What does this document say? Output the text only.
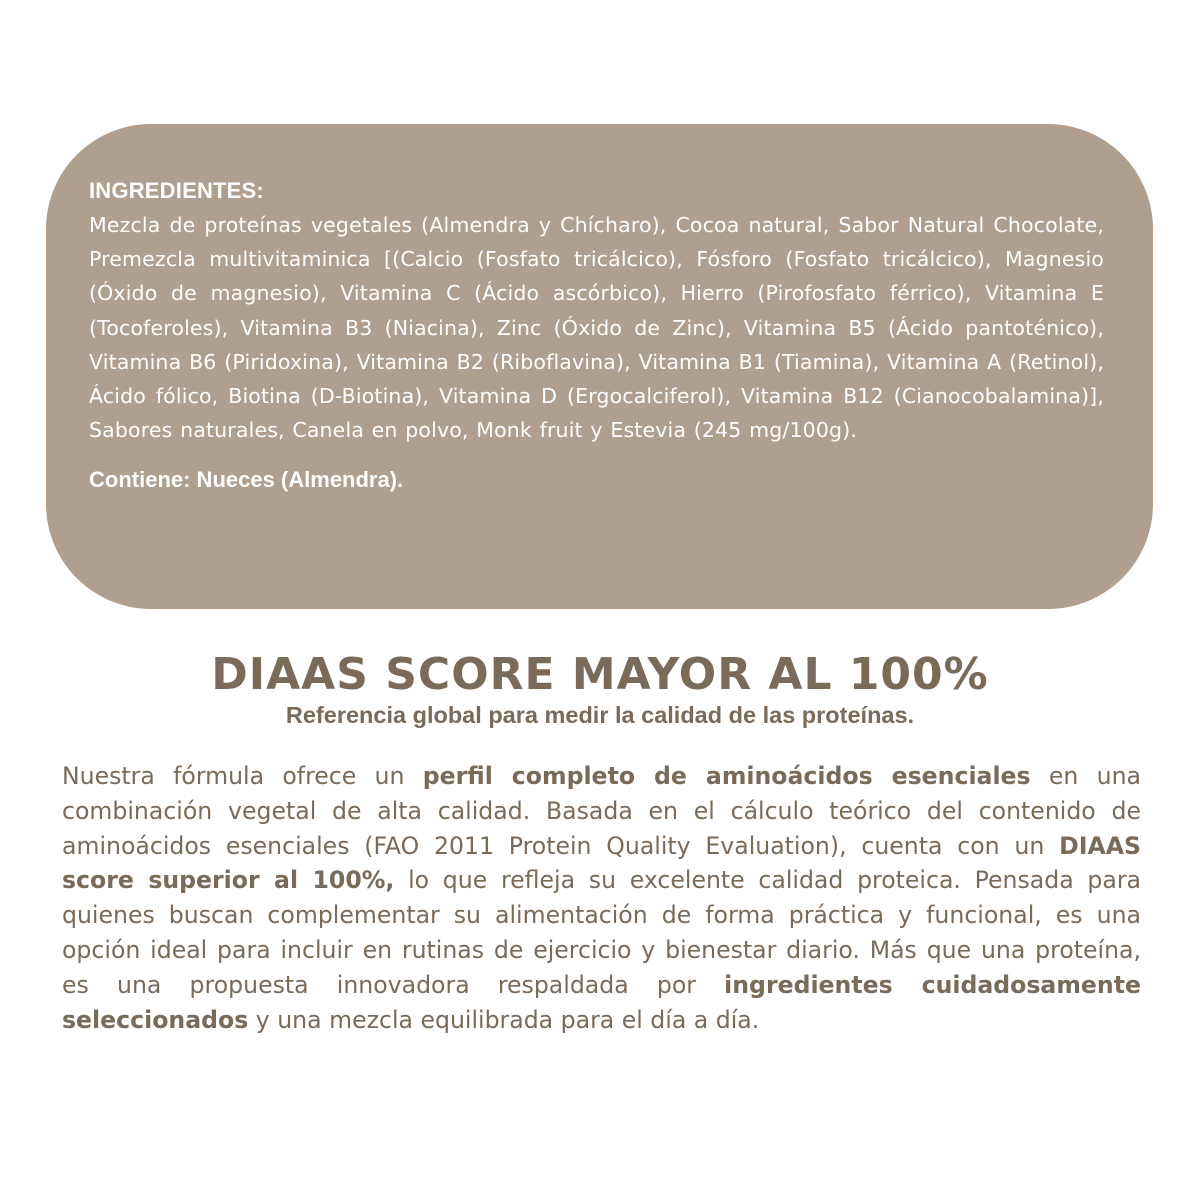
INGREDIENTES:

Mezcla de proteínas vegetales (Almendra y Chícharo), Cocoa natural, Sabor Natural Chocolate, Premezcla multivitaminica [(Calcio (Fosfato tricálcico), Fósforo (Fosfato tricálcico), Magnesio (Óxido de magnesio), Vitamina C (Ácido ascórbico), Hierro (Pirofosfato férrico), Vitamina E (Tocoferoles), Vitamina B3 (Niacina), Zinc (Óxido de Zinc), Vitamina B5 (Ácido pantoténico), Vitamina B6 (Piridoxina), Vitamina B2 (Riboflavina), Vitamina B1 (Tiamina), Vitamina A (Retinol), Ácido fólico, Biotina (D-Biotina), Vitamina D (Ergocalciferol), Vitamina B12 (Cianocobalamina)], Sabores naturales, Canela en polvo, Monk fruit y Estevia (245 mg/100g).

Contiene: Nueces (Almendra).

DIAAS SCORE MAYOR AL 100%
Referencia global para medir la calidad de las proteínas.

Nuestra fórmula ofrece un perfil completo de aminoácidos esenciales en una combinación vegetal de alta calidad. Basada en el cálculo teórico del contenido de aminoácidos esenciales (FAO 2011 Protein Quality Evaluation), cuenta con un DIAAS score superior al 100%, lo que refleja su excelente calidad proteica. Pensada para quienes buscan complementar su alimentación de forma práctica y funcional, es una opción ideal para incluir en rutinas de ejercicio y bienestar diario. Más que una proteína, es una propuesta innovadora respaldada por ingredientes cuidadosamente seleccionados y una mezcla equilibrada para el día a día.
